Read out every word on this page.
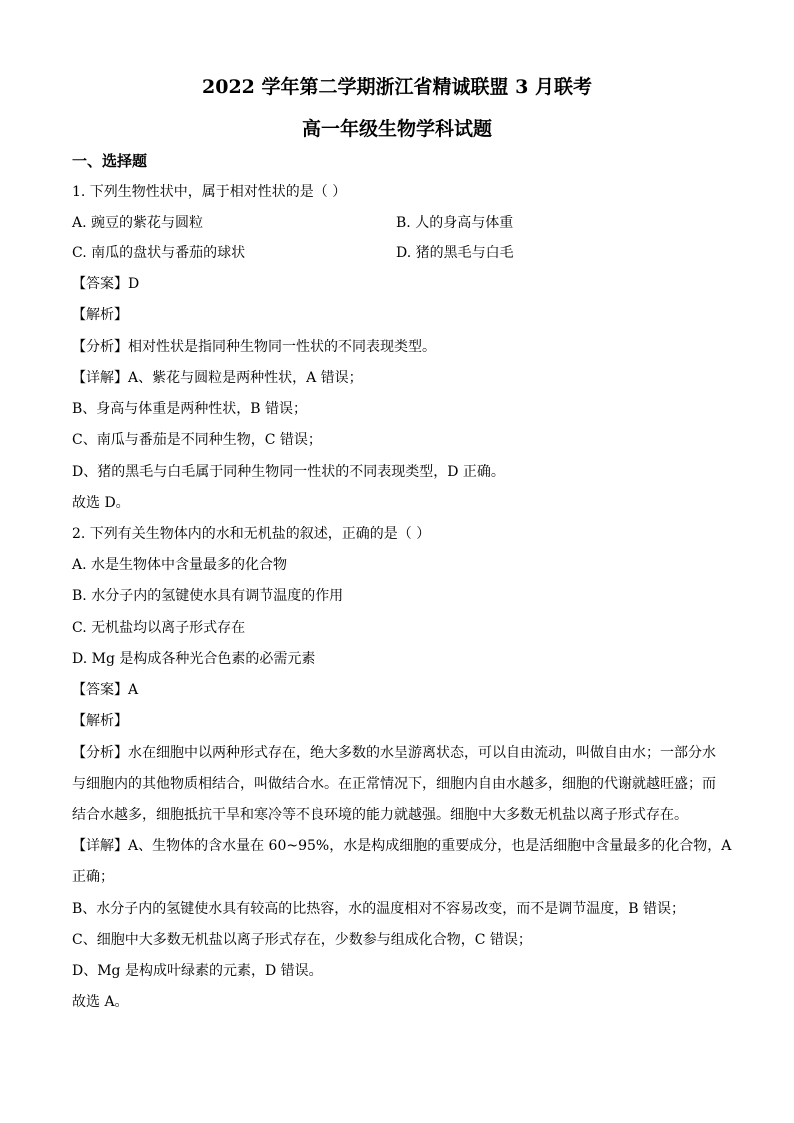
2022 学年第二学期浙江省精诚联盟 3 月联考
高一年级生物学科试题
一、选择题
1. 下列生物性状中，属于相对性状的是（ ）
A. 豌豆的紫花与圆粒	B. 人的身高与体重
C. 南瓜的盘状与番茄的球状	D. 猪的黑毛与白毛
【答案】D
【解析】
【分析】相对性状是指同种生物同一性状的不同表现类型。
【详解】A、紫花与圆粒是两种性状，A 错误；
B、身高与体重是两种性状，B 错误；
C、南瓜与番茄是不同种生物，C 错误；
D、猪的黑毛与白毛属于同种生物同一性状的不同表现类型，D 正确。
故选 D。
2. 下列有关生物体内的水和无机盐的叙述，正确的是（ ）
A. 水是生物体中含量最多的化合物
B. 水分子内的氢键使水具有调节温度的作用
C. 无机盐均以离子形式存在
D. Mg 是构成各种光合色素的必需元素
【答案】A
【解析】
【分析】水在细胞中以两种形式存在，绝大多数的水呈游离状态，可以自由流动，叫做自由水；一部分水
与细胞内的其他物质相结合，叫做结合水。在正常情况下，细胞内自由水越多，细胞的代谢就越旺盛；而
结合水越多，细胞抵抗干旱和寒冷等不良环境的能力就越强。细胞中大多数无机盐以离子形式存在。
【详解】A、生物体的含水量在 60~95%，水是构成细胞的重要成分，也是活细胞中含量最多的化合物，A
正确；
B、水分子内的氢键使水具有较高的比热容，水的温度相对不容易改变，而不是调节温度，B 错误；
C、细胞中大多数无机盐以离子形式存在，少数参与组成化合物，C 错误；
D、Mg 是构成叶绿素的元素，D 错误。
故选 A。
